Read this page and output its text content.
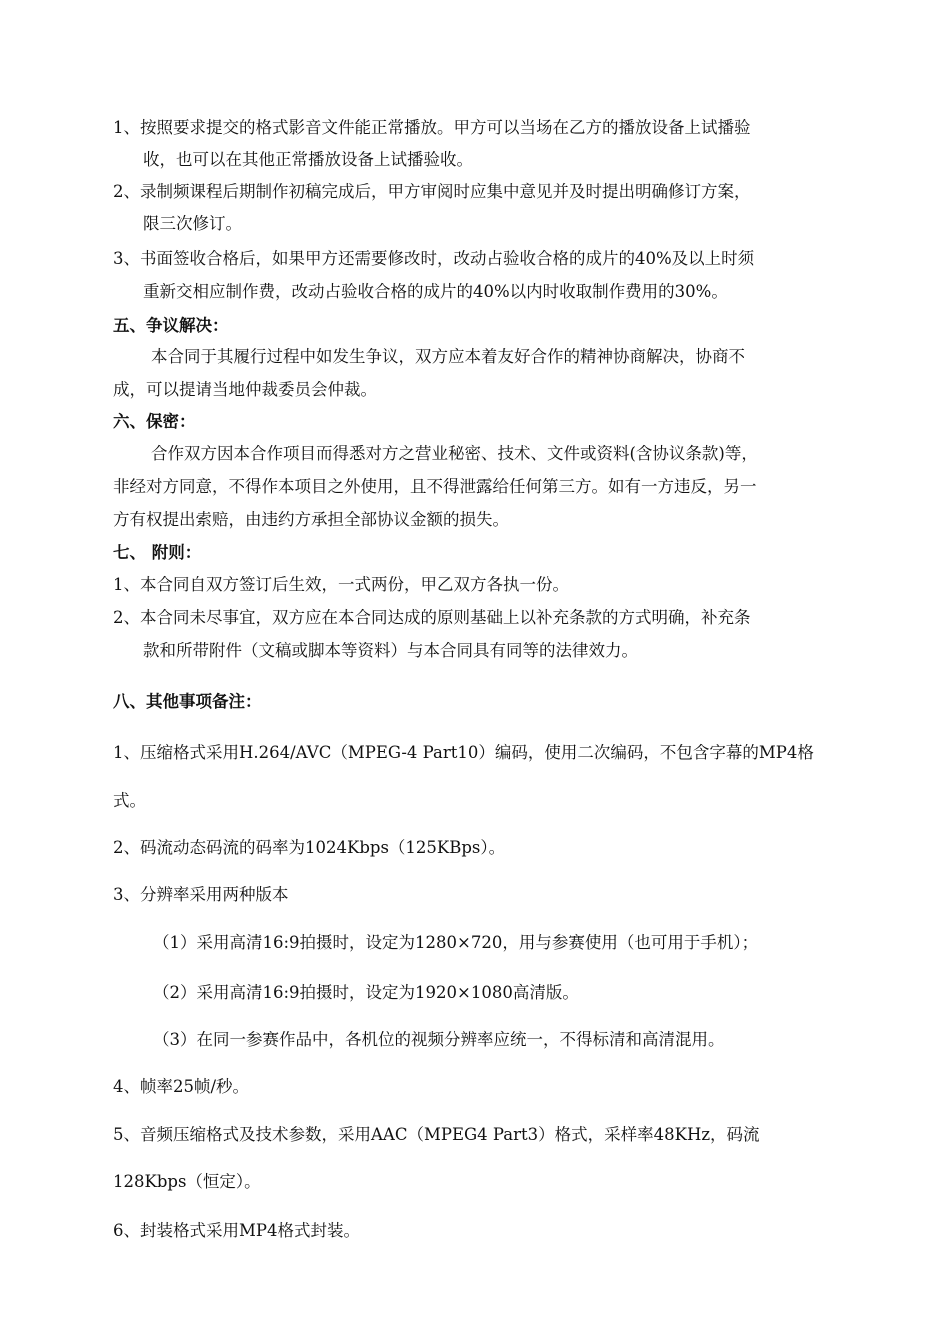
1、按照要求提交的格式影音文件能正常播放。甲方可以当场在乙方的播放设备上试播验
收，也可以在其他正常播放设备上试播验收。
2、录制频课程后期制作初稿完成后，甲方审阅时应集中意见并及时提出明确修订方案，
限三次修订。
3、书面签收合格后，如果甲方还需要修改时，改动占验收合格的成片的40%及以上时须
重新交相应制作费，改动占验收合格的成片的40%以内时收取制作费用的30%。
五、争议解决：
本合同于其履行过程中如发生争议，双方应本着友好合作的精神协商解决，协商不
成，可以提请当地仲裁委员会仲裁。
六、保密：
合作双方因本合作项目而得悉对方之营业秘密、技术、文件或资料(含协议条款)等，
非经对方同意，不得作本项目之外使用，且不得泄露给任何第三方。如有一方违反，另一
方有权提出索赔，由违约方承担全部协议金额的损失。
七、 附则：
1、本合同自双方签订后生效，一式两份，甲乙双方各执一份。
2、本合同未尽事宜，双方应在本合同达成的原则基础上以补充条款的方式明确，补充条
款和所带附件（文稿或脚本等资料）与本合同具有同等的法律效力。
八、其他事项备注：
1、压缩格式采用H.264/AVC（MPEG-4 Part10）编码，使用二次编码，不包含字幕的MP4格
式。
2、码流动态码流的码率为1024Kbps（125KBps）。
3、分辨率采用两种版本
（1）采用高清16:9拍摄时，设定为1280×720，用与参赛使用（也可用于手机）；
（2）采用高清16:9拍摄时，设定为1920×1080高清版。
（3）在同一参赛作品中，各机位的视频分辨率应统一，不得标清和高清混用。
4、帧率25帧/秒。
5、音频压缩格式及技术参数，采用AAC（MPEG4 Part3）格式，采样率48KHz，码流
128Kbps（恒定）。
6、封装格式采用MP4格式封装。
